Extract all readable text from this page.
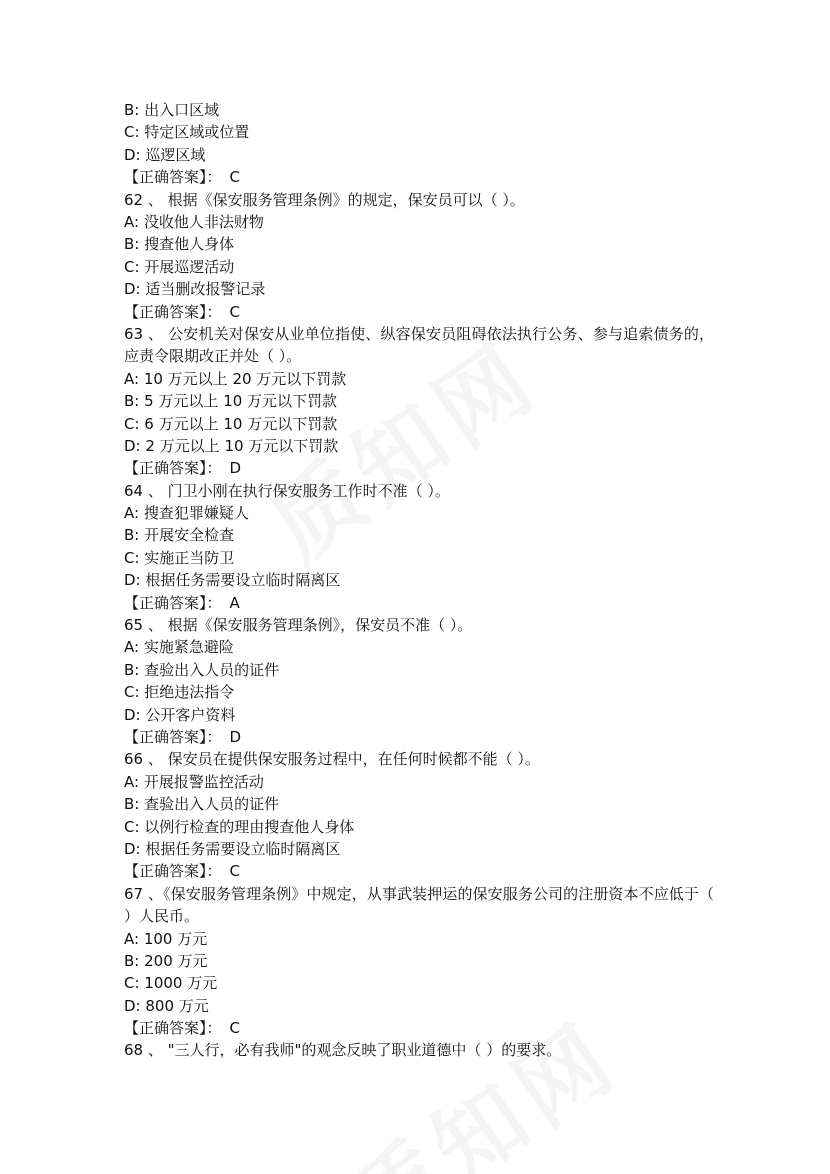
B: 出入口区域
C: 特定区域或位置
D: 巡逻区域
【正确答案】： C
62 、 根据《保安服务管理条例》的规定，保安员可以（ ）。
A: 没收他人非法财物
B: 搜查他人身体
C: 开展巡逻活动
D: 适当删改报警记录
【正确答案】： C
63 、 公安机关对保安从业单位指使、纵容保安员阻碍依法执行公务、参与追索债务的，应责令限期改正并处（ ）。
A: 10 万元以上 20 万元以下罚款
B: 5 万元以上 10 万元以下罚款
C: 6 万元以上 10 万元以下罚款
D: 2 万元以上 10 万元以下罚款
【正确答案】： D
64 、 门卫小刚在执行保安服务工作时不准（ ）。
A: 搜查犯罪嫌疑人
B: 开展安全检查
C: 实施正当防卫
D: 根据任务需要设立临时隔离区
【正确答案】： A
65 、 根据《保安服务管理条例》，保安员不准（ ）。
A: 实施紧急避险
B: 查验出入人员的证件
C: 拒绝违法指令
D: 公开客户资料
【正确答案】： D
66 、 保安员在提供保安服务过程中，在任何时候都不能（ ）。
A: 开展报警监控活动
B: 查验出入人员的证件
C: 以例行检查的理由搜查他人身体
D: 根据任务需要设立临时隔离区
【正确答案】： C
67 、《保安服务管理条例》中规定，从事武装押运的保安服务公司的注册资本不应低于（ ）人民币。
A: 100 万元
B: 200 万元
C: 1000 万元
D: 800 万元
【正确答案】： C
68 、 "三人行，必有我师"的观念反映了职业道德中（ ）的要求。
